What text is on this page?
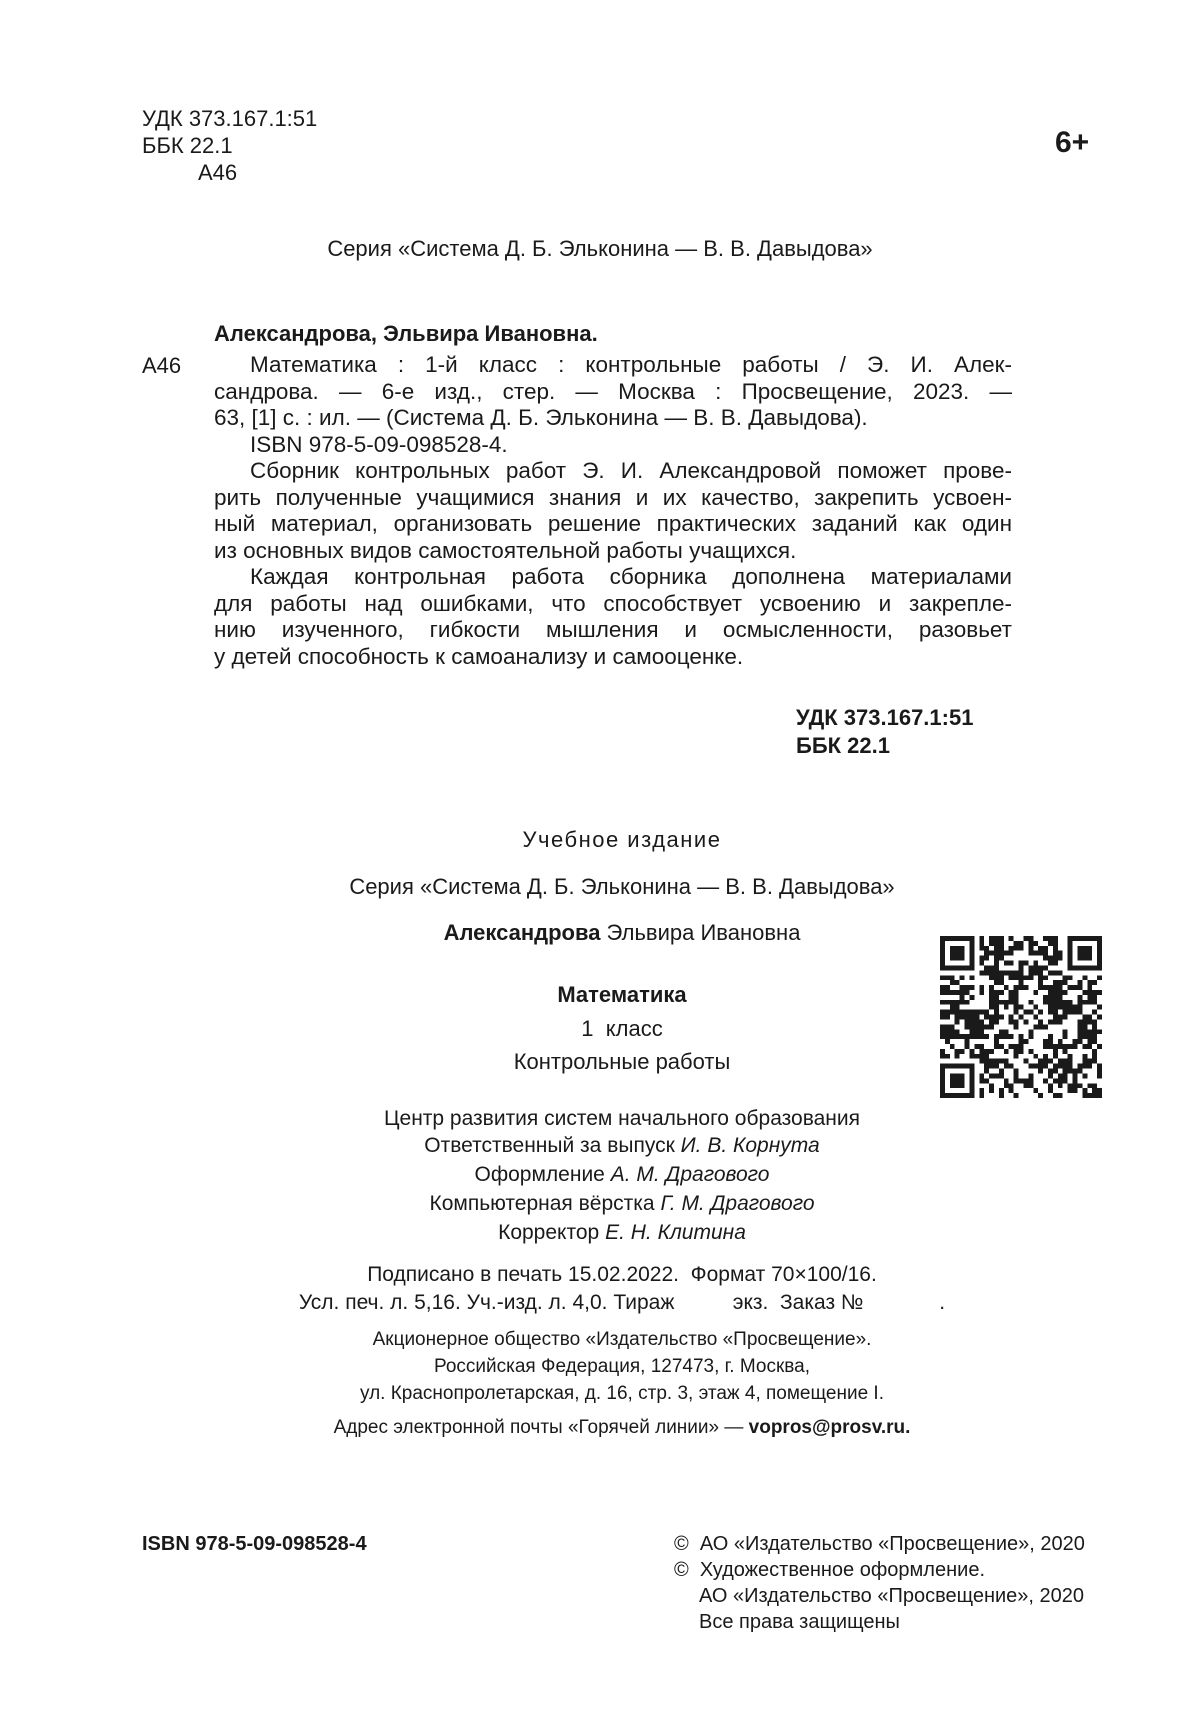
УДК 373.167.1:51
ББК 22.1
А46
6+
Серия «Система Д. Б. Эльконина — В. В. Давыдова»
Александрова, Эльвира Ивановна.
А46	Математика : 1-й класс : контрольные работы / Э. И. Алек-
сандрова. — 6-е изд., стер. — Москва : Просвещение, 2023. —
63, [1] с. : ил. — (Система Д. Б. Эльконина — В. В. Давыдова).
ISBN 978-5-09-098528-4.
Сборник контрольных работ Э. И. Александровой поможет прове-
рить полученные учащимися знания и их качество, закрепить усвоен-
ный материал, организовать решение практических заданий как один
из основных видов самостоятельной работы учащихся.
Каждая контрольная работа сборника дополнена материалами
для работы над ошибками, что способствует усвоению и закрепле-
нию изученного, гибкости мышления и осмысленности, разовьет
у детей способность к самоанализу и самооценке.
УДК 373.167.1:51
ББК 22.1
Учебное издание
Серия «Система Д. Б. Эльконина — В. В. Давыдова»
Александрова Эльвира Ивановна
Математика
1  класс
Контрольные работы
Центр развития систем начального образования
Ответственный за выпуск И. В. Корнута
Оформление А. М. Драгового
Компьютерная вёрстка Г. М. Драгового
Корректор Е. Н. Клитина
Подписано в печать 15.02.2022.  Формат 70×100/16.
Усл. печ. л. 5,16. Уч.-изд. л. 4,0. Тираж          экз.  Заказ №             .
Акционерное общество «Издательство «Просвещение».
Российская Федерация, 127473, г. Москва,
ул. Краснопролетарская, д. 16, стр. 3, этаж 4, помещение I.
Адрес электронной почты «Горячей линии» — vopros@prosv.ru.
ISBN 978-5-09-098528-4	©  АО «Издательство «Просвещение», 2020
©  Художественное оформление.
АО «Издательство «Просвещение», 2020
Все права защищены
